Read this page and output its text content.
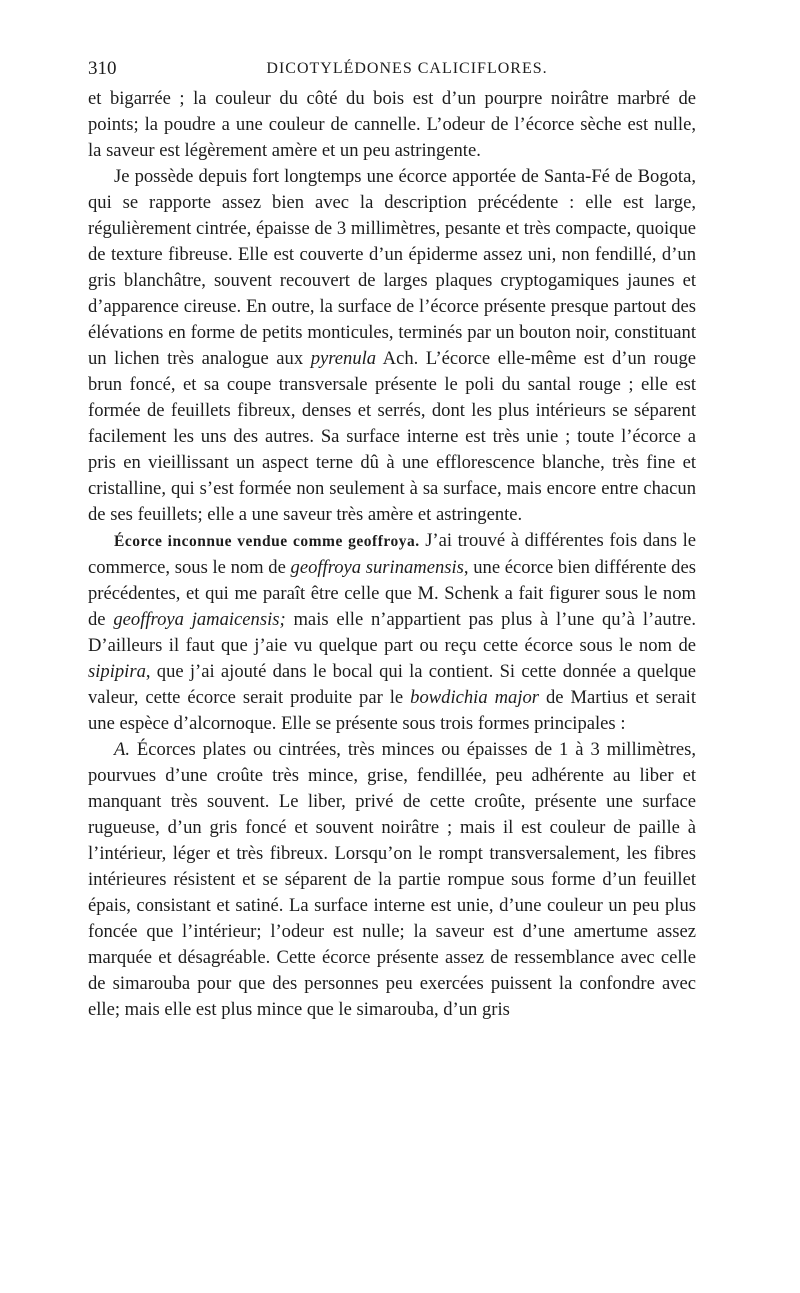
310	DICOTYLÉDONES CALICIFLORES.

et bigarrée ; la couleur du côté du bois est d’un pourpre noirâtre marbré de points; la poudre a une couleur de cannelle. L’odeur de l’écorce sèche est nulle, la saveur est légèrement amère et un peu astringente.

Je possède depuis fort longtemps une écorce apportée de Santa-Fé de Bogota, qui se rapporte assez bien avec la description précédente : elle est large, régulièrement cintrée, épaisse de 3 millimètres, pesante et très compacte, quoique de texture fibreuse. Elle est couverte d’un épiderme assez uni, non fendillé, d’un gris blanchâtre, souvent recouvert de larges plaques cryptogamiques jaunes et d’apparence cireuse. En outre, la surface de l’écorce présente presque partout des élévations en forme de petits monticules, terminés par un bouton noir, constituant un lichen très analogue aux pyrenula Ach. L’écorce elle-même est d’un rouge brun foncé, et sa coupe transversale présente le poli du santal rouge ; elle est formée de feuillets fibreux, denses et serrés, dont les plus intérieurs se séparent facilement les uns des autres. Sa surface interne est très unie ; toute l’écorce a pris en vieillissant un aspect terne dû à une efflorescence blanche, très fine et cristalline, qui s’est formée non seulement à sa surface, mais encore entre chacun de ses feuillets; elle a une saveur très amère et astringente.

Écorce inconnue vendue comme geoffroya. J’ai trouvé à différentes fois dans le commerce, sous le nom de geoffroya surinamensis, une écorce bien différente des précédentes, et qui me paraît être celle que M. Schenk a fait figurer sous le nom de geoffroya jamaicensis; mais elle n’appartient pas plus à l’une qu’à l’autre. D’ailleurs il faut que j’aie vu quelque part ou reçu cette écorce sous le nom de sipipira, que j’ai ajouté dans le bocal qui la contient. Si cette donnée a quelque valeur, cette écorce serait produite par le bowdichia major de Martius et serait une espèce d’alcornoque. Elle se présente sous trois formes principales :

A. Écorces plates ou cintrées, très minces ou épaisses de 1 à 3 millimètres, pourvues d’une croûte très mince, grise, fendillée, peu adhérente au liber et manquant très souvent. Le liber, privé de cette croûte, présente une surface rugueuse, d’un gris foncé et souvent noirâtre ; mais il est couleur de paille à l’intérieur, léger et très fibreux. Lorsqu’on le rompt transversalement, les fibres intérieures résistent et se séparent de la partie rompue sous forme d’un feuillet épais, consistant et satiné. La surface interne est unie, d’une couleur un peu plus foncée que l’intérieur; l’odeur est nulle; la saveur est d’une amertume assez marquée et désagréable. Cette écorce présente assez de ressemblance avec celle de simarouba pour que des personnes peu exercées puissent la confondre avec elle; mais elle est plus mince que le simarouba, d’un gris
